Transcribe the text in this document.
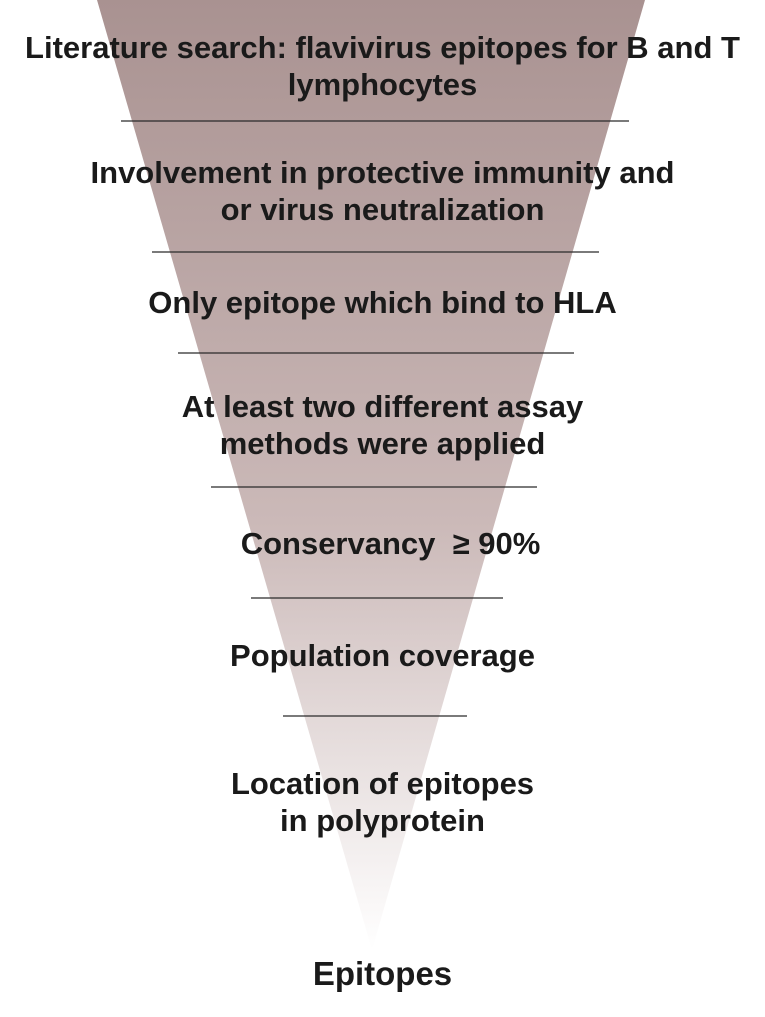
Literature search: flavivirus epitopes for B and T
lymphocytes
Involvement in protective immunity and
or virus neutralization
Only epitope which bind to HLA
At least two different assay
methods were applied
Conservancy  ≥ 90%
Population coverage
Location of epitopes
in polyprotein
Epitopes
